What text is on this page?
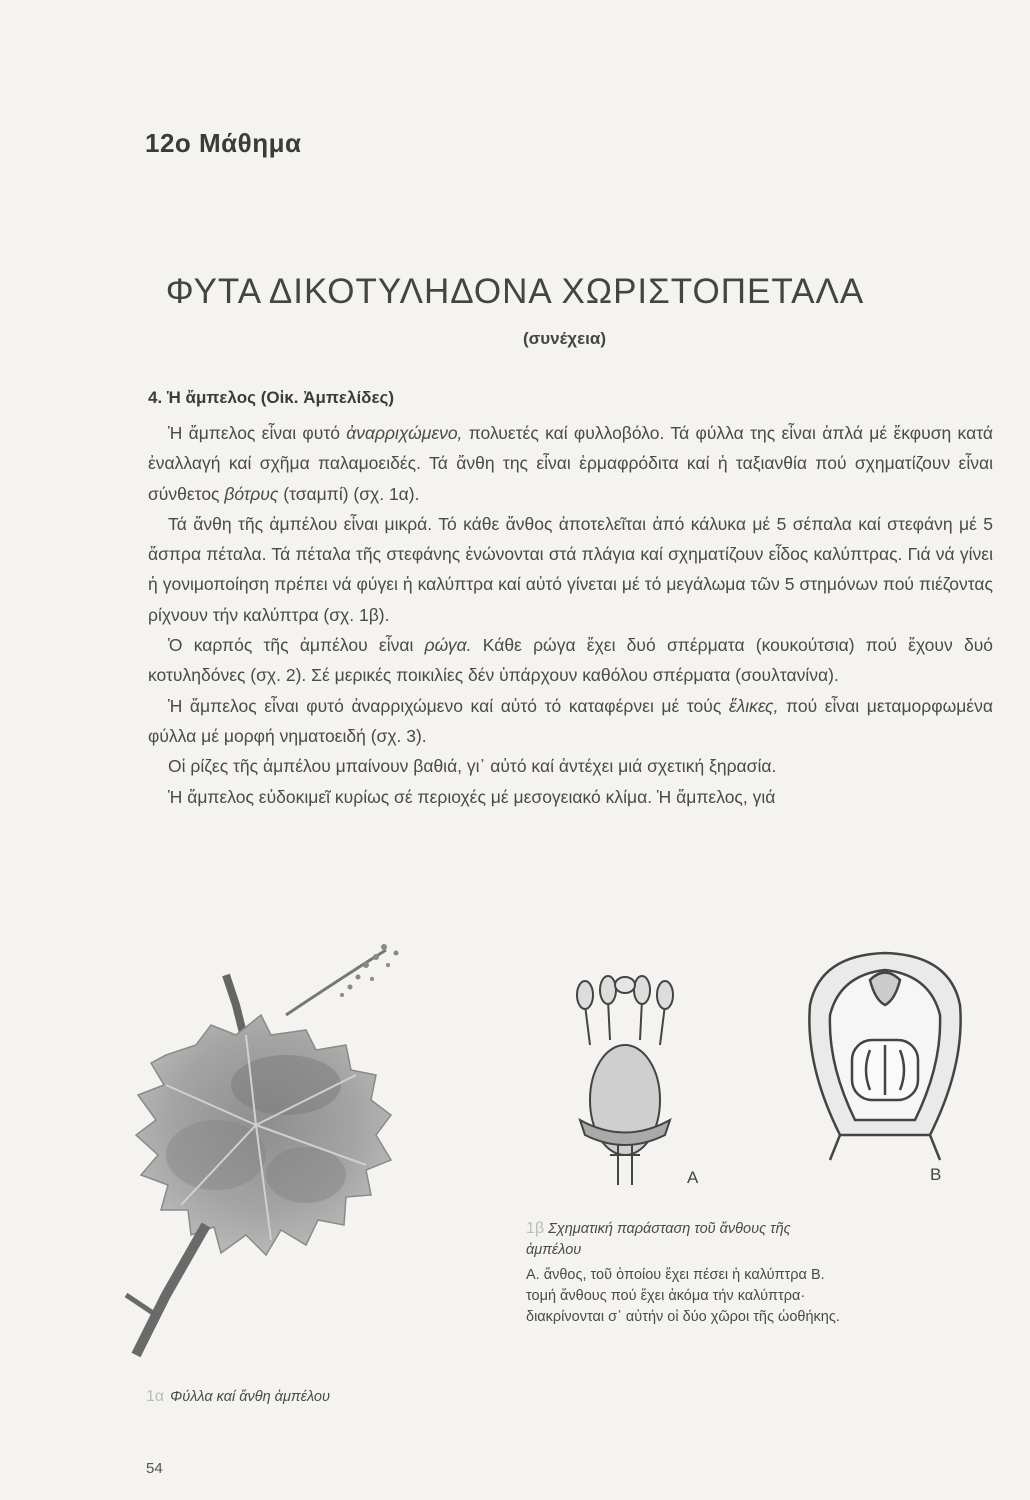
12ο Μάθημα
ΦΥΤΑ ΔΙΚΟΤΥΛΗΔΟΝΑ ΧΩΡΙΣΤΟΠΕΤΑΛΑ
(συνέχεια)
4. Ἡ ἄμπελος (Οἰκ. Ἀμπελίδες)

Ἡ ἄμπελος εἶναι φυτό ἀναρριχώμενο, πολυετές καί φυλλοβόλο. Τά φύλλα της εἶναι ἁπλά μέ ἔκφυση κατά ἐναλλαγή καί σχῆμα παλαμοειδές. Τά ἄνθη της εἶναι ἑρμαφρόδιτα καί ἡ ταξιανθία πού σχηματίζουν εἶναι σύνθετος βότρυς (τσαμπί) (σχ. 1α).

Τά ἄνθη τῆς ἀμπέλου εἶναι μικρά. Τό κάθε ἄνθος ἀποτελεῖται ἀπό κάλυκα μέ 5 σέπαλα καί στεφάνη μέ 5 ἄσπρα πέταλα. Τά πέταλα τῆς στεφάνης ἑνώνονται στά πλάγια καί σχηματίζουν εἶδος καλύπτρας. Γιά νά γίνει ἡ γονιμοποίηση πρέπει νά φύγει ἡ καλύπτρα καί αὐτό γίνεται μέ τό μεγάλωμα τῶν 5 στημόνων πού πιέζοντας ρίχνουν τήν καλύπτρα (σχ. 1β).

Ὁ καρπός τῆς ἀμπέλου εἶναι ρώγα. Κάθε ρώγα ἔχει δυό σπέρματα (κουκούτσια) πού ἔχουν δυό κοτυληδόνες (σχ. 2). Σέ μερικές ποικιλίες δέν ὑπάρχουν καθόλου σπέρματα (σουλτανίνα).

Ἡ ἄμπελος εἶναι φυτό ἀναρριχώμενο καί αὐτό τό καταφέρνει μέ τούς ἕλικες, πού εἶναι μεταμορφωμένα φύλλα μέ μορφή νηματοειδή (σχ. 3).

Οἱ ρίζες τῆς ἀμπέλου μπαίνουν βαθιά, γι᾽ αὐτό καί ἀντέχει μιά σχετική ξηρασία.

Ἡ ἄμπελος εὐδοκιμεῖ κυρίως σέ περιοχές μέ μεσογειακό κλίμα. Ἡ ἄμπελος, γιά

A	B
1β Σχηματική παράσταση τοῦ ἄνθους τῆς ἀμπέλου
Α. ἄνθος, τοῦ ὁποίου ἔχει πέσει ἡ καλύπτρα Β. τομή ἄνθους πού ἔχει ἀκόμα τήν καλύπτρα· διακρίνονται σ᾽ αὐτήν οἱ δύο χῶροι τῆς ὠοθήκης.
1α Φύλλα καί ἄνθη ἀμπέλου
54
